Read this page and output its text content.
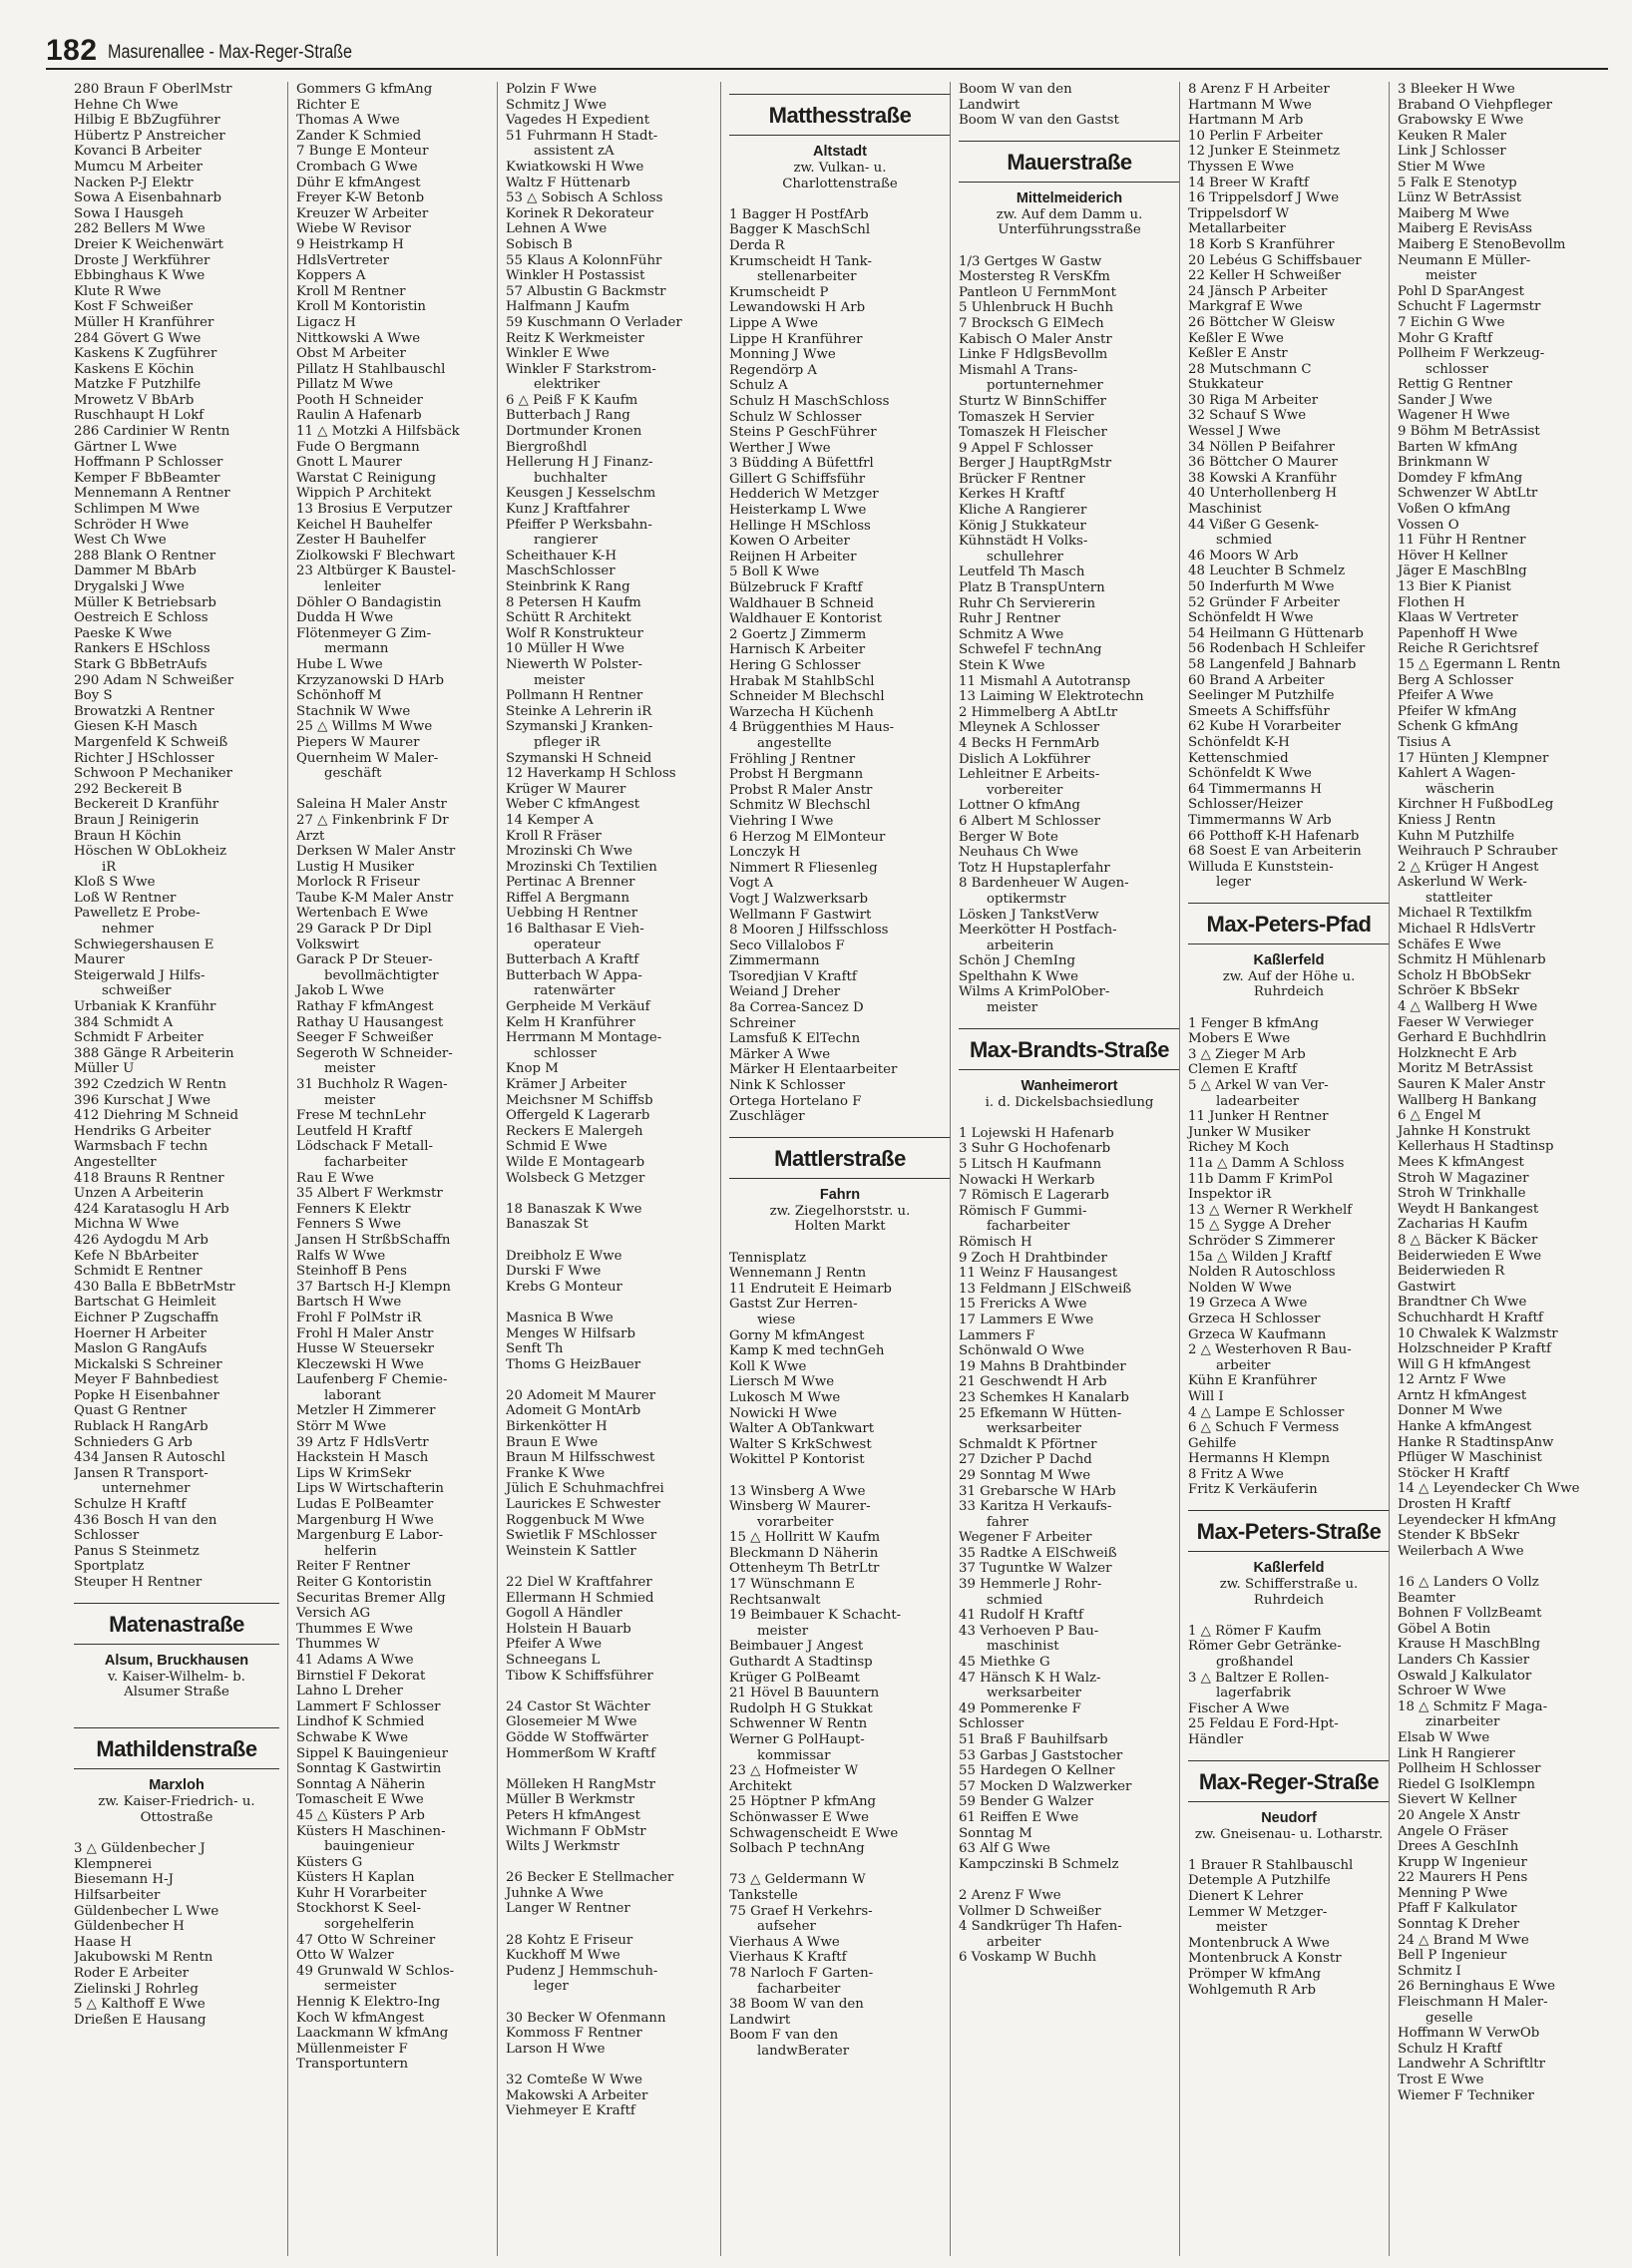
182 Masurenallee - Max-Reger-Straße
280 Braun F OberlMstr
Hehne Ch Wwe
Hilbig E BbZugführer
Hübertz P Anstreicher
Kovanci B Arbeiter
Mumcu M Arbeiter
Nacken P-J Elektr
Sowa A Eisenbahnarb
Sowa I Hausgeh
282 Bellers M Wwe
Dreier K Weichenwärt
Droste J Werkführer
Ebbinghaus K Wwe
Klute R Wwe
Kost F Schweißer
Müller H Kranführer
284 Gövert G Wwe
Kaskens K Zugführer
Kaskens E Köchin
Matzke F Putzhilfe
Mrowetz V BbArb
Ruschhaupt H Lokf
286 Cardinier W Rentn
Gärtner L Wwe
Hoffmann P Schlosser
Kemper F BbBeamter
Mennemann A Rentner
Schlimpen M Wwe
Schröder H Wwe
West Ch Wwe
288 Blank O Rentner
Dammer M BbArb
Drygalski J Wwe
Müller K Betriebsarb
Oestreich E Schloss
Paeske K Wwe
Rankers E HSchloss
Stark G BbBetrAufs
290 Adam N Schweißer
Boy S
Browatzki A Rentner
Giesen K-H Masch
Margenfeld K Schweiß
Richter J HSchlosser
Schwoon P Mechaniker
292 Beckereit B
Beckereit D Kranführ
Braun J Reinigerin
Braun H Köchin
Höschen W ObLokheiz
iR
Kloß S Wwe
Loß W Rentner
Pawelletz E Probe-
nehmer
Schwiegershausen E
Maurer
Steigerwald J Hilfs-
schweißer
Urbaniak K Kranführ
384 Schmidt A
Schmidt F Arbeiter
388 Gänge R Arbeiterin
Müller U
392 Czedzich W Rentn
396 Kurschat J Wwe
412 Diehring M Schneid
Hendriks G Arbeiter
Warmsbach F techn
Angestellter
418 Brauns R Rentner
Unzen A Arbeiterin
424 Karatasoglu H Arb
Michna W Wwe
426 Aydogdu M Arb
Kefe N BbArbeiter
Schmidt E Rentner
430 Balla E BbBetrMstr
Bartschat G Heimleit
Eichner P Zugschaffn
Hoerner H Arbeiter
Maslon G RangAufs
Mickalski S Schreiner
Meyer F Bahnbediest
Popke H Eisenbahner
Quast G Rentner
Rublack H RangArb
Schnieders G Arb
434 Jansen R Autoschl
Jansen R Transport-
unternehmer
Schulze H Kraftf
436 Bosch H van den
Schlosser
Panus S Steinmetz
Sportplatz
Steuper H Rentner
Matenastraße
Alsum, Bruckhausen
v. Kaiser-Wilhelm- b.
Alsumer Straße

Mathildenstraße
Marxloh
zw. Kaiser-Friedrich- u.
Ottostraße

3 △ Güldenbecher J
Klempnerei
Biesemann H-J
Hilfsarbeiter
Güldenbecher L Wwe
Güldenbecher H
Haase H
Jakubowski M Rentn
Roder E Arbeiter
Zielinski J Rohrleg
5 △ Kalthoff E Wwe
Drießen E Hausang
Gommers G kfmAng
Richter E
Thomas A Wwe
Zander K Schmied
7 Bunge E Monteur
Crombach G Wwe
Dühr E kfmAngest
Freyer K-W Betonb
Kreuzer W Arbeiter
Wiebe W Revisor
9 Heistrkamp H
HdlsVertreter
Koppers A
Kroll M Rentner
Kroll M Kontoristin
Ligacz H
Nittkowski A Wwe
Obst M Arbeiter
Pillatz H Stahlbauschl
Pillatz M Wwe
Pooth H Schneider
Raulin A Hafenarb
11 △ Motzki A Hilfsbäck
Fude O Bergmann
Gnott L Maurer
Warstat C Reinigung
Wippich P Architekt
13 Brosius E Verputzer
Keichel H Bauhelfer
Zester H Bauhelfer
Ziolkowski F Blechwart
23 Altbürger K Baustel-
lenleiter
Döhler O Bandagistin
Dudda H Wwe
Flötenmeyer G Zim-
mermann
Hube L Wwe
Krzyzanowski D HArb
Schönhoff M
Stachnik W Wwe
25 △ Willms M Wwe
Piepers W Maurer
Quernheim W Maler-
geschäft

Saleina H Maler Anstr
27 △ Finkenbrink F Dr
Arzt
Derksen W Maler Anstr
Lustig H Musiker
Morlock R Friseur
Taube K-M Maler Anstr
Wertenbach E Wwe
29 Garack P Dr Dipl
Volkswirt
Garack P Dr Steuer-
bevollmächtigter
Jakob L Wwe
Rathay F kfmAngest
Rathay U Hausangest
Seeger F Schweißer
Segeroth W Schneider-
meister
31 Buchholz R Wagen-
meister
Frese M technLehr
Leutfeld H Kraftf
Lödschack F Metall-
facharbeiter
Rau E Wwe
35 Albert F Werkmstr
Fenners K Elektr
Fenners S Wwe
Jansen H StrßbSchaffn
Ralfs W Wwe
Steinhoff B Pens
37 Bartsch H-J Klempn
Bartsch H Wwe
Frohl F PolMstr iR
Frohl H Maler Anstr
Husse W Steuersekr
Kleczewski H Wwe
Laufenberg F Chemie-
laborant
Metzler H Zimmerer
Störr M Wwe
39 Artz F HdlsVertr
Hackstein H Masch
Lips W KrimSekr
Lips W Wirtschafterin
Ludas E PolBeamter
Margenburg H Wwe
Margenburg E Labor-
helferin
Reiter F Rentner
Reiter G Kontoristin
Securitas Bremer Allg
Versich AG
Thummes E Wwe
Thummes W
41 Adams A Wwe
Birnstiel F Dekorat
Lahno L Dreher
Lammert F Schlosser
Lindhof K Schmied
Schwabe K Wwe
Sippel K Bauingenieur
Sonntag K Gastwirtin
Sonntag A Näherin
Tomascheit E Wwe
45 △ Küsters P Arb
Küsters H Maschinen-
bauingenieur
Küsters G
Küsters H Kaplan
Kuhr H Vorarbeiter
Stockhorst K Seel-
sorgehelferin
47 Otto W Schreiner
Otto W Walzer
49 Grunwald W Schlos-
sermeister
Hennig K Elektro-Ing
Koch W kfmAngest
Laackmann W kfmAng
Müllenmeister F
Transportuntern
Polzin F Wwe
Schmitz J Wwe
Vagedes H Expedient
51 Fuhrmann H Stadt-
assistent zA
Kwiatkowski H Wwe
Waltz F Hüttenarb
53 △ Sobisch A Schloss
Korinek R Dekorateur
Lehnen A Wwe
Sobisch B
55 Klaus A KolonnFühr
Winkler H Postassist
57 Albustin G Backmstr
Halfmann J Kaufm
59 Kuschmann O Verlader
Reitz K Werkmeister
Winkler E Wwe
Winkler F Starkstrom-
elektriker
6 △ Peiß F K Kaufm
Butterbach J Rang
Dortmunder Kronen
Biergroßhdl
Hellerung H J Finanz-
buchhalter
Keusgen J Kesselschm
Kunz J Kraftfahrer
Pfeiffer P Werksbahn-
rangierer
Scheithauer K-H
MaschSchlosser
Steinbrink K Rang
8 Petersen H Kaufm
Schütt R Architekt
Wolf R Konstrukteur
10 Müller H Wwe
Niewerth W Polster-
meister
Pollmann H Rentner
Steinke A Lehrerin iR
Szymanski J Kranken-
pfleger iR
Szymanski H Schneid
12 Haverkamp H Schloss
Krüger W Maurer
Weber C kfmAngest
14 Kemper A
Kroll R Fräser
Mrozinski Ch Wwe
Mrozinski Ch Textilien
Pertinac A Brenner
Riffel A Bergmann
Uebbing H Rentner
16 Balthasar E Vieh-
operateur
Butterbach A Kraftf
Butterbach W Appa-
ratenwärter
Gerpheide M Verkäuf
Kelm H Kranführer
Herrmann M Montage-
schlosser
Knop M
Krämer J Arbeiter
Meichsner M Schiffsb
Offergeld K Lagerarb
Reckers E Malergeh
Schmid E Wwe
Wilde E Montagearb
Wolsbeck G Metzger

18 Banaszak K Wwe
Banaszak St

Dreibholz E Wwe
Durski F Wwe
Krebs G Monteur

Masnica B Wwe
Menges W Hilfsarb
Senft Th
Thoms G HeizBauer

20 Adomeit M Maurer
Adomeit G MontArb
Birkenkötter H
Braun E Wwe
Braun M Hilfsschwest
Franke K Wwe
Jülich E Schuhmachfrei
Laurickes E Schwester
Roggenbuck M Wwe
Swietlik F MSchlosser
Weinstein K Sattler

22 Diel W Kraftfahrer
Ellermann H Schmied
Gogoll A Händler
Holstein H Bauarb
Pfeifer A Wwe
Schneegans L
Tibow K Schiffsführer

24 Castor St Wächter
Glosemeier M Wwe
Gödde W Stoffwärter
Hommerßom W Kraftf

Mölleken H RangMstr
Müller B Werkmstr
Peters H kfmAngest
Wichmann F ObMstr
Wilts J Werkmstr

26 Becker E Stellmacher
Juhnke A Wwe
Langer W Rentner

28 Kohtz E Friseur
Kuckhoff M Wwe
Pudenz J Hemmschuh-
leger

30 Becker W Ofenmann
Kommoss F Rentner
Larson H Wwe

32 Comteße W Wwe
Makowski A Arbeiter
Viehmeyer E Kraftf
Matthesstraße
Altstadt
zw. Vulkan- u.
Charlottenstraße

1 Bagger H PostfArb
Bagger K MaschSchl
Derda R
Krumscheidt H Tank-
stellenarbeiter
Krumscheidt P
Lewandowski H Arb
Lippe A Wwe
Lippe H Kranführer
Monning J Wwe
Regendörp A
Schulz A
Schulz H MaschSchloss
Schulz W Schlosser
Steins P GeschFührer
Werther J Wwe
3 Büdding A Büfettfrl
Gillert G Schiffsführ
Hedderich W Metzger
Heisterkamp L Wwe
Hellinge H MSchloss
Kowen O Arbeiter
Reijnen H Arbeiter
5 Boll K Wwe
Bülzebruck F Kraftf
Waldhauer B Schneid
Waldhauer E Kontorist
2 Goertz J Zimmerm
Harnisch K Arbeiter
Hering G Schlosser
Hrabak M StahlbSchl
Schneider M Blechschl
Warzecha H Küchenh
4 Brüggenthies M Haus-
angestellte
Fröhling J Rentner
Probst H Bergmann
Probst R Maler Anstr
Schmitz W Blechschl
Viehring I Wwe
6 Herzog M ElMonteur
Lonczyk H
Nimmert R Fliesenleg
Vogt A
Vogt J Walzwerksarb
Wellmann F Gastwirt
8 Mooren J Hilfsschloss
Seco Villalobos F
Zimmermann
Tsoredjian V Kraftf
Weiand J Dreher
8a Correa-Sancez D
Schreiner
Lamsfuß K ElTechn
Märker A Wwe
Märker H Elentaarbeiter
Nink K Schlosser
Ortega Hortelano F
Zuschläger
Mattlerstraße
Fahrn
zw. Ziegelhorststr. u.
Holten Markt

Tennisplatz
Wennemann J Rentn
11 Endruteit E Heimarb
Gastst Zur Herren-
wiese
Gorny M kfmAngest
Kamp K med technGeh
Koll K Wwe
Liersch M Wwe
Lukosch M Wwe
Nowicki H Wwe
Walter A ObTankwart
Walter S KrkSchwest
Wokittel P Kontorist

13 Winsberg A Wwe
Winsberg W Maurer-
vorarbeiter
15 △ Hollritt W Kaufm
Bleckmann D Näherin
Ottenheym Th BetrLtr
17 Wünschmann E
Rechtsanwalt
19 Beimbauer K Schacht-
meister
Beimbauer J Angest
Guthardt A Stadtinsp
Krüger G PolBeamt
21 Hövel B Bauuntern
Rudolph H G Stukkat
Schwenner W Rentn
Werner G PolHaupt-
kommissar
23 △ Hofmeister W
Architekt
25 Höptner P kfmAng
Schönwasser E Wwe
Schwagenscheidt E Wwe
Solbach P technAng

73 △ Geldermann W
Tankstelle
75 Graef H Verkehrs-
aufseher
Vierhaus A Wwe
Vierhaus K Kraftf
78 Narloch F Garten-
facharbeiter
38 Boom W van den
Landwirt
Boom F van den
landwBerater
Boom W van den
Landwirt
Boom W van den Gastst
Mauerstraße
Mittelmeiderich
zw. Auf dem Damm u.
Unterführungsstraße

1/3 Gertges W Gastw
Mostersteg R VersKfm
Pantleon U FernmMont
5 Uhlenbruck H Buchh
7 Brocksch G ElMech
Kabisch O Maler Anstr
Linke F HdlgsBevollm
Mismahl A Trans-
portunternehmer
Sturtz W BinnSchiffer
Tomaszek H Servier
Tomaszek H Fleischer
9 Appel F Schlosser
Berger J HauptRgMstr
Brücker F Rentner
Kerkes H Kraftf
Kliche A Rangierer
König J Stukkateur
Kühnstädt H Volks-
schullehrer
Leutfeld Th Masch
Platz B TranspUntern
Ruhr Ch Serviererin
Ruhr J Rentner
Schmitz A Wwe
Schwefel F technAng
Stein K Wwe
11 Mismahl A Autotransp
13 Laiming W Elektrotechn
2 Himmelberg A AbtLtr
Mleynek A Schlosser
4 Becks H FernmArb
Dislich A Lokführer
Lehleitner E Arbeits-
vorbereiter
Lottner O kfmAng
6 Albert M Schlosser
Berger W Bote
Neuhaus Ch Wwe
Totz H Hupstaplerfahr
8 Bardenheuer W Augen-
optikermstr
Lösken J TankstVerw
Meerkötter H Postfach-
arbeiterin
Schön J ChemIng
Spelthahn K Wwe
Wilms A KrimPolOber-
meister
Max-Brandts-Straße
Wanheimerort
i. d. Dickelsbachsiedlung

1 Lojewski H Hafenarb
3 Suhr G Hochofenarb
5 Litsch H Kaufmann
Nowacki H Werkarb
7 Römisch E Lagerarb
Römisch F Gummi-
facharbeiter
Römisch H
9 Zoch H Drahtbinder
11 Weinz F Hausangest
13 Feldmann J ElSchweiß
15 Frericks A Wwe
17 Lammers E Wwe
Lammers F
Schönwald O Wwe
19 Mahns B Drahtbinder
21 Geschwendt H Arb
23 Schemkes H Kanalarb
25 Efkemann W Hütten-
werksarbeiter
Schmaldt K Pförtner
27 Dzicher P Dachd
29 Sonntag M Wwe
31 Grebarsche W HArb
33 Karitza H Verkaufs-
fahrer
Wegener F Arbeiter
35 Radtke A ElSchweiß
37 Tuguntke W Walzer
39 Hemmerle J Rohr-
schmied
41 Rudolf H Kraftf
43 Verhoeven P Bau-
maschinist
45 Miethke G
47 Hänsch K H Walz-
werksarbeiter
49 Pommerenke F
Schlosser
51 Braß F Bauhilfsarb
53 Garbas J Gaststocher
55 Hardegen O Kellner
57 Mocken D Walzwerker
59 Bender G Walzer
61 Reiffen E Wwe
Sonntag M
63 Alf G Wwe
Kampczinski B Schmelz

2 Arenz F Wwe
Vollmer D Schweißer
4 Sandkrüger Th Hafen-
arbeiter
6 Voskamp W Buchh
8 Arenz F H Arbeiter
Hartmann M Wwe
Hartmann M Arb
10 Perlin F Arbeiter
12 Junker E Steinmetz
Thyssen E Wwe
14 Breer W Kraftf
16 Trippelsdorf J Wwe
Trippelsdorf W
Metallarbeiter
18 Korb S Kranführer
20 Lebéus G Schiffsbauer
22 Keller H Schweißer
24 Jänsch P Arbeiter
Markgraf E Wwe
26 Böttcher W Gleisw
Keßler E Wwe
Keßler E Anstr
28 Mutschmann C
Stukkateur
30 Riga M Arbeiter
32 Schauf S Wwe
Wessel J Wwe
34 Nöllen P Beifahrer
36 Böttcher O Maurer
38 Kowski A Kranführ
40 Unterhollenberg H
Maschinist
44 Vißer G Gesenk-
schmied
46 Moors W Arb
48 Leuchter B Schmelz
50 Inderfurth M Wwe
52 Gründer F Arbeiter
Schönfeldt H Wwe
54 Heilmann G Hüttenarb
56 Rodenbach H Schleifer
58 Langenfeld J Bahnarb
60 Brand A Arbeiter
Seelinger M Putzhilfe
Smeets A Schiffsführ
62 Kube H Vorarbeiter
Schönfeldt K-H
Kettenschmied
Schönfeldt K Wwe
64 Timmermanns H
Schlosser/Heizer
Timmermanns W Arb
66 Potthoff K-H Hafenarb
68 Soest E van Arbeiterin
Willuda E Kunststein-
leger
Max-Peters-Pfad
Kaßlerfeld
zw. Auf der Höhe u.
Ruhrdeich

1 Fenger B kfmAng
Mobers E Wwe
3 △ Zieger M Arb
Clemen E Kraftf
5 △ Arkel W van Ver-
ladearbeiter
11 Junker H Rentner
Junker W Musiker
Richey M Koch
11a △ Damm A Schloss
11b Damm F KrimPol
Inspektor iR
13 △ Werner R Werkhelf
15 △ Sygge A Dreher
Schröder S Zimmerer
15a △ Wilden J Kraftf
Nolden R Autoschloss
Nolden W Wwe
19 Grzeca A Wwe
Grzeca H Schlosser
Grzeca W Kaufmann
2 △ Westerhoven R Bau-
arbeiter
Kühn E Kranführer
Will I
4 △ Lampe E Schlosser
6 △ Schuch F Vermess
Gehilfe
Hermanns H Klempn
8 Fritz A Wwe
Fritz K Verkäuferin
Max-Peters-Straße
Kaßlerfeld
zw. Schifferstraße u.
Ruhrdeich

1 △ Römer F Kaufm
Römer Gebr Getränke-
großhandel
3 △ Baltzer E Rollen-
lagerfabrik
Fischer A Wwe
25 Feldau E Ford-Hpt-
Händler
Max-Reger-Straße
Neudorf
zw. Gneisenau- u. Lotharstr.

1 Brauer R Stahlbauschl
Detemple A Putzhilfe
Dienert K Lehrer
Lemmer W Metzger-
meister
Montenbruck A Wwe
Montenbruck A Konstr
Prömper W kfmAng
Wohlgemuth R Arb
3 Bleeker H Wwe
Braband O Viehpfleger
Grabowsky E Wwe
Keuken R Maler
Link J Schlosser
Stier M Wwe
5 Falk E Stenotyp
Lünz W BetrAssist
Maiberg M Wwe
Maiberg E RevisAss
Maiberg E StenoBevollm
Neumann E Müller-
meister
Pohl D SparAngest
Schucht F Lagermstr
7 Eichin G Wwe
Mohr G Kraftf
Pollheim F Werkzeug-
schlosser
Rettig G Rentner
Sander J Wwe
Wagener H Wwe
9 Böhm M BetrAssist
Barten W kfmAng
Brinkmann W
Domdey F kfmAng
Schwenzer W AbtLtr
Voßen O kfmAng
Vossen O
11 Führ H Rentner
Höver H Kellner
Jäger E MaschBlng
13 Bier K Pianist
Flothen H
Klaas W Vertreter
Papenhoff H Wwe
Reiche R Gerichtsref
15 △ Egermann L Rentn
Berg A Schlosser
Pfeifer A Wwe
Pfeifer W kfmAng
Schenk G kfmAng
Tisius A
17 Hünten J Klempner
Kahlert A Wagen-
wäscherin
Kirchner H FußbodLeg
Kniess J Rentn
Kuhn M Putzhilfe
Weihrauch P Schrauber
2 △ Krüger H Angest
Askerlund W Werk-
stattleiter
Michael R Textilkfm
Michael R HdlsVertr
Schäfes E Wwe
Schmitz H Mühlenarb
Scholz H BbObSekr
Schröer K BbSekr
4 △ Wallberg H Wwe
Faeser W Verwieger
Gerhard E Buchhdlrin
Holzknecht E Arb
Moritz M BetrAssist
Sauren K Maler Anstr
Wallberg H Bankang
6 △ Engel M
Jahnke H Konstrukt
Kellerhaus H Stadtinsp
Mees K kfmAngest
Stroh W Magaziner
Stroh W Trinkhalle
Weydt H Bankangest
Zacharias H Kaufm
8 △ Bäcker K Bäcker
Beiderwieden E Wwe
Beiderwieden R
Gastwirt
Brandtner Ch Wwe
Schuchhardt H Kraftf
10 Chwalek K Walzmstr
Holzschneider P Kraftf
Will G H kfmAngest
12 Arntz F Wwe
Arntz H kfmAngest
Donner M Wwe
Hanke A kfmAngest
Hanke R StadtinspAnw
Pflüger W Maschinist
Stöcker H Kraftf
14 △ Leyendecker Ch Wwe
Drosten H Kraftf
Leyendecker H kfmAng
Stender K BbSekr
Weilerbach A Wwe

16 △ Landers O Vollz
Beamter
Bohnen F VollzBeamt
Göbel A Botin
Krause H MaschBlng
Landers Ch Kassier
Oswald J Kalkulator
Schroer W Wwe
18 △ Schmitz F Maga-
zinarbeiter
Elsab W Wwe
Link H Rangierer
Pollheim H Schlosser
Riedel G IsolKlempn
Sievert W Kellner
20 Angele X Anstr
Angele O Fräser
Drees A GeschInh
Krupp W Ingenieur
22 Maurers H Pens
Menning P Wwe
Pfaff F Kalkulator
Sonntag K Dreher
24 △ Brand M Wwe
Bell P Ingenieur
Schmitz I
26 Berninghaus E Wwe
Fleischmann H Maler-
geselle
Hoffmann W VerwOb
Schulz H Kraftf
Landwehr A Schriftltr
Trost E Wwe
Wiemer F Techniker
